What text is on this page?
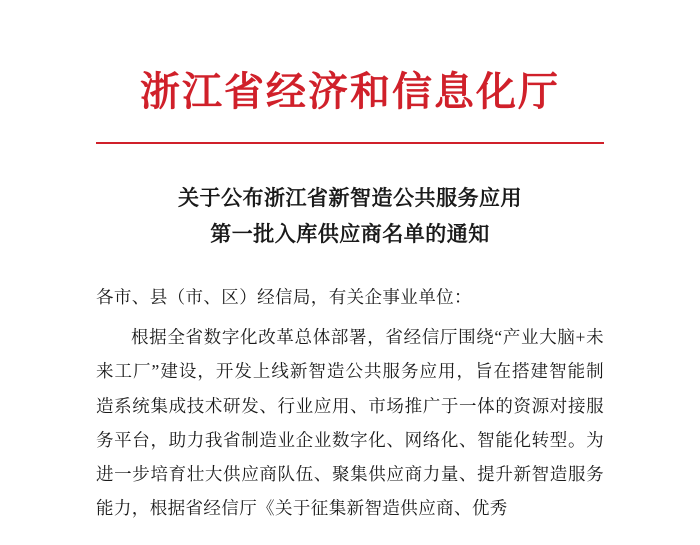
浙江省经济和信息化厅
关于公布浙江省新智造公共服务应用
第一批入库供应商名单的通知
各市、县（市、区）经信局，有关企事业单位：

根据全省数字化改革总体部署，省经信厅围绕“产业大脑+未来工厂”建设，开发上线新智造公共服务应用，旨在搭建智能制造系统集成技术研发、行业应用、市场推广于一体的资源对接服务平台，助力我省制造业企业数字化、网络化、智能化转型。为进一步培育壮大供应商队伍、聚集供应商力量、提升新智造服务能力，根据省经信厅《关于征集新智造供应商、优秀
